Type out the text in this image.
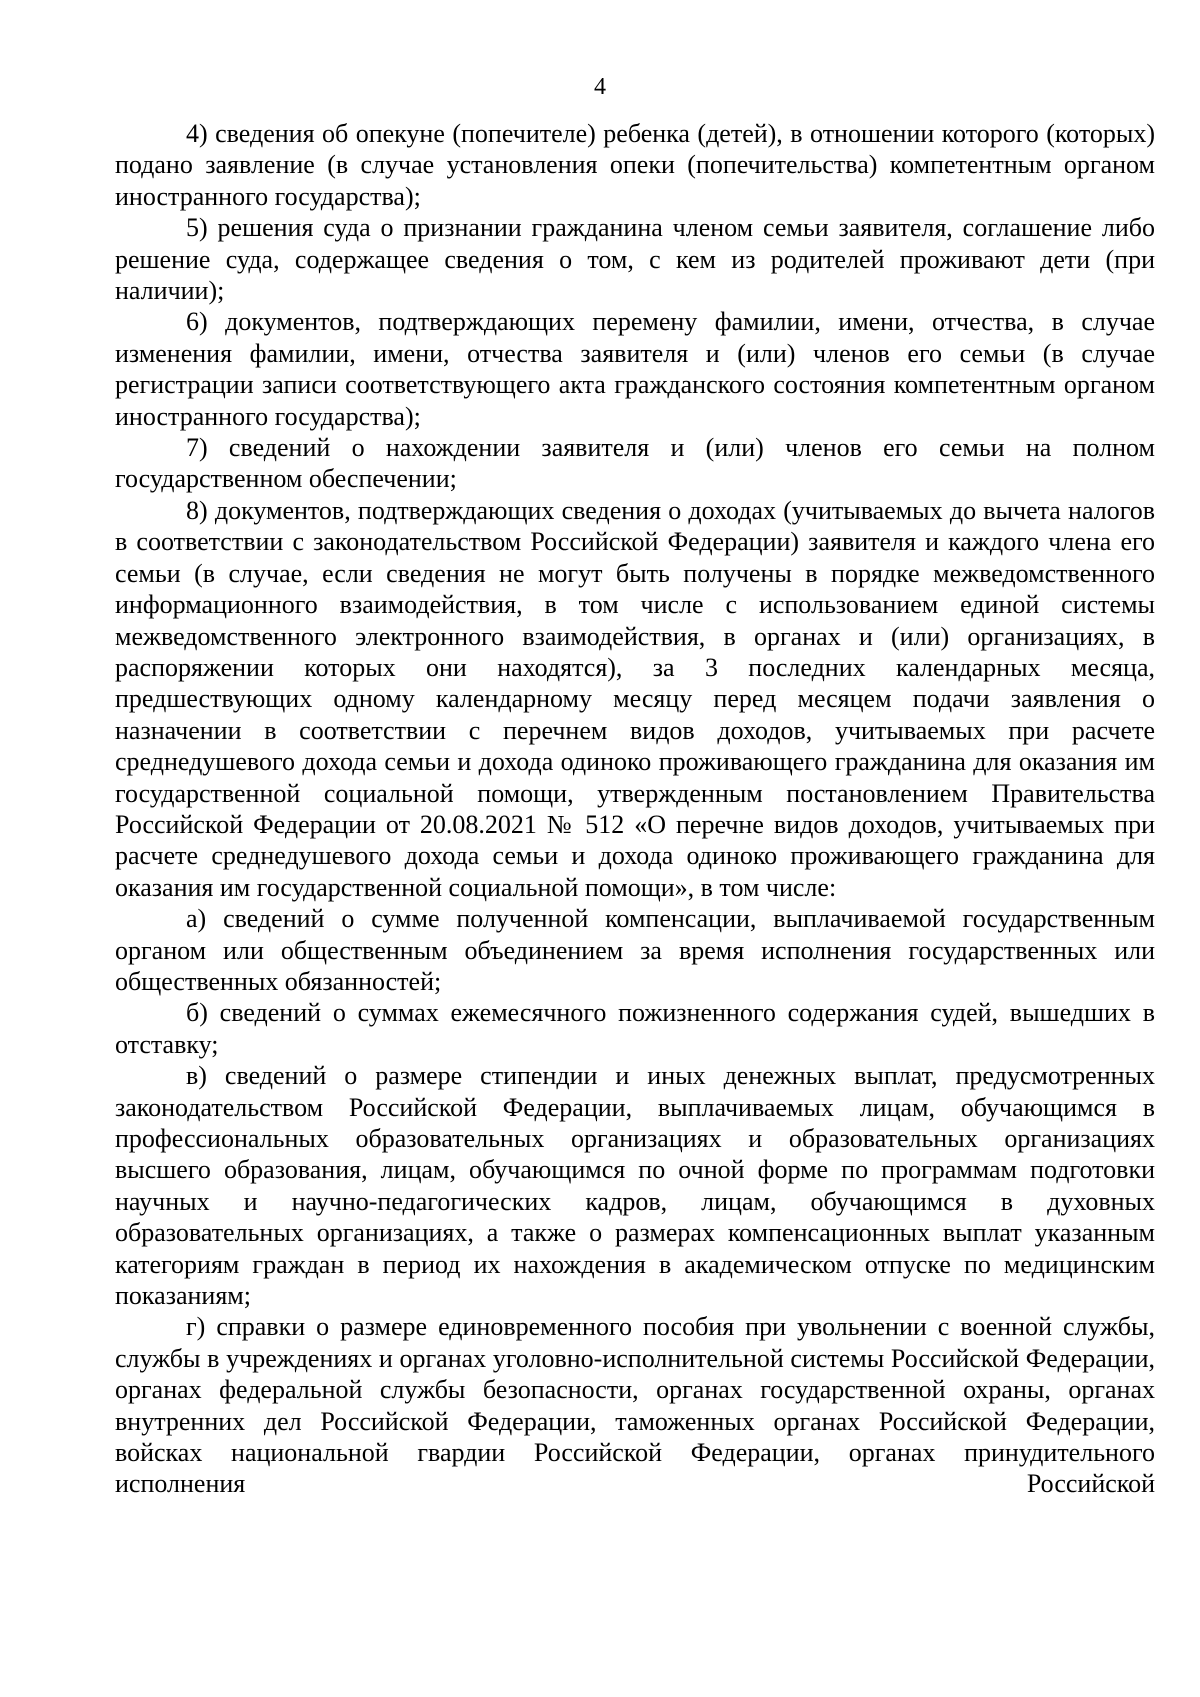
4

4) сведения об опекуне (попечителе) ребенка (детей), в отношении которого (которых) подано заявление (в случае установления опеки (попечительства) компетентным органом иностранного государства);

5) решения суда о признании гражданина членом семьи заявителя, соглашение либо решение суда, содержащее сведения о том, с кем из родителей проживают дети (при наличии);

6) документов, подтверждающих перемену фамилии, имени, отчества, в случае изменения фамилии, имени, отчества заявителя и (или) членов его семьи (в случае регистрации записи соответствующего акта гражданского состояния компетентным органом иностранного государства);

7) сведений о нахождении заявителя и (или) членов его семьи на полном государственном обеспечении;

8) документов, подтверждающих сведения о доходах (учитываемых до вычета налогов в соответствии с законодательством Российской Федерации) заявителя и каждого члена его семьи (в случае, если сведения не могут быть получены в порядке межведомственного информационного взаимодействия, в том числе с использованием единой системы межведомственного электронного взаимодействия, в органах и (или) организациях, в распоряжении которых они находятся), за 3 последних календарных месяца, предшествующих одному календарному месяцу перед месяцем подачи заявления о назначении в соответствии с перечнем видов доходов, учитываемых при расчете среднедушевого дохода семьи и дохода одиноко проживающего гражданина для оказания им государственной социальной помощи, утвержденным постановлением Правительства Российской Федерации от 20.08.2021 № 512 «О перечне видов доходов, учитываемых при расчете среднедушевого дохода семьи и дохода одиноко проживающего гражданина для оказания им государственной социальной помощи», в том числе:

а) сведений о сумме полученной компенсации, выплачиваемой государственным органом или общественным объединением за время исполнения государственных или общественных обязанностей;

б) сведений о суммах ежемесячного пожизненного содержания судей, вышедших в отставку;

в) сведений о размере стипендии и иных денежных выплат, предусмотренных законодательством Российской Федерации, выплачиваемых лицам, обучающимся в профессиональных образовательных организациях и образовательных организациях высшего образования, лицам, обучающимся по очной форме по программам подготовки научных и научно-педагогических кадров, лицам, обучающимся в духовных образовательных организациях, а также о размерах компенсационных выплат указанным категориям граждан в период их нахождения в академическом отпуске по медицинским показаниям;

г) справки о размере единовременного пособия при увольнении с военной службы, службы в учреждениях и органах уголовно-исполнительной системы Российской Федерации, органах федеральной службы безопасности, органах государственной охраны, органах внутренних дел Российской Федерации, таможенных органах Российской Федерации, войсках национальной гвардии Российской Федерации, органах принудительного исполнения Российской
